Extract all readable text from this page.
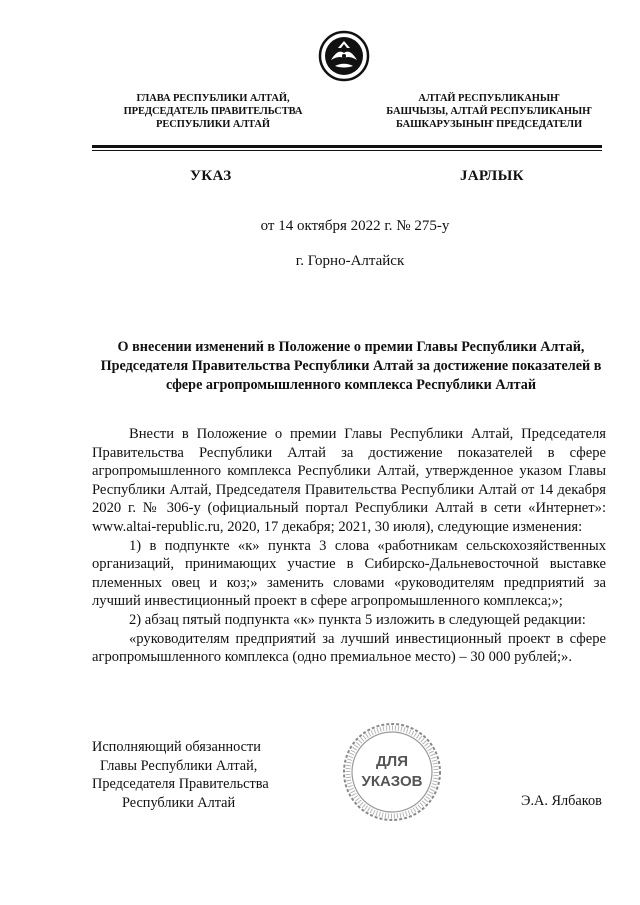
ГЛАВА РЕСПУБЛИКИ АЛТАЙ,
ПРЕДСЕДАТЕЛЬ ПРАВИТЕЛЬСТВА
РЕСПУБЛИКИ АЛТАЙ
АЛТАЙ РЕСПУБЛИКАНЫҤ
БАШЧЫЗЫ, АЛТАЙ РЕСПУБЛИКАНЫҤ
БАШКАРУЗЫНЫҤ ПРЕДСЕДАТЕЛИ
УКАЗ	JАРЛЫК
от 14 октября 2022 г. № 275-у
г. Горно-Алтайск
О внесении изменений в Положение о премии Главы Республики Алтай, Председателя Правительства Республики Алтай за достижение показателей в сфере агропромышленного комплекса Республики Алтай

Внести в Положение о премии Главы Республики Алтай, Председателя Правительства Республики Алтай за достижение показателей в сфере агропромышленного комплекса Республики Алтай, утвержденное указом Главы Республики Алтай, Председателя Правительства Республики Алтай от 14 декабря 2020 г. № 306-у (официальный портал Республики Алтай в сети «Интернет»: www.altai-republic.ru, 2020, 17 декабря; 2021, 30 июля), следующие изменения:

1) в подпункте «к» пункта 3 слова «работникам сельскохозяйственных организаций, принимающих участие в Сибирско-Дальневосточной выставке племенных овец и коз;» заменить словами «руководителям предприятий за лучший инвестиционный проект в сфере агропромышленного комплекса;»;

2) абзац пятый подпункта «к» пункта 5 изложить в следующей редакции:

«руководителям предприятий за лучший инвестиционный проект в сфере агропромышленного комплекса (одно премиальное место) – 30 000 рублей;».

ДЛЯ
УКАЗОВ
Исполняющий обязанности
Главы Республики Алтай,
Председателя Правительства
Республики Алтай	Э.А. Ялбаков
